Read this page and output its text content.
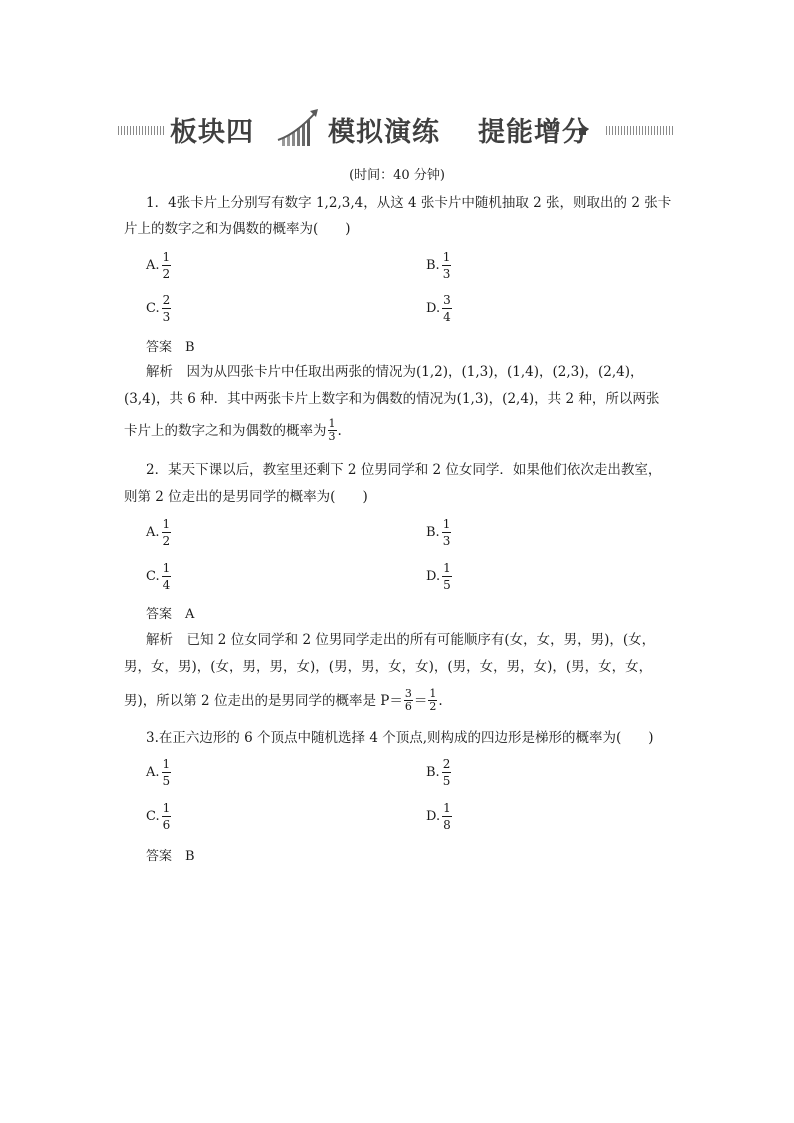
板块四	模拟演练 提能增分
(时间：40 分钟)
1．4张卡片上分别写有数字 1,2,3,4，从这 4 张卡片中随机抽取 2 张，则取出的 2 张卡
片上的数字之和为偶数的概率为(　　)
A. $\frac{1}{2}$	B. $\frac{1}{3}$
C. $\frac{2}{3}$	D. $\frac{3}{4}$
答案　B
解析　因为从四张卡片中任取出两张的情况为(1,2)，(1,3)，(1,4)，(2,3)，(2,4)，
(3,4)，共 6 种．其中两张卡片上数字和为偶数的情况为(1,3)，(2,4)，共 2 种，所以两张
卡片上的数字之和为偶数的概率为 $\frac{1}{3}$ .
2．某天下课以后，教室里还剩下 2 位男同学和 2 位女同学．如果他们依次走出教室，
则第 2 位走出的是男同学的概率为(　　)
A. $\frac{1}{2}$	B. $\frac{1}{3}$
C. $\frac{1}{4}$	D. $\frac{1}{5}$
答案　A
解析　已知 2 位女同学和 2 位男同学走出的所有可能顺序有(女，女，男，男)，(女，
男，女，男)，(女，男，男，女)，(男，男，女，女)，(男，女，男，女)，(男，女，女，
男)，所以第 2 位走出的是男同学的概率是 $P= \frac{3}{6} = \frac{1}{2}$ .
3.在正六边形的 6 个顶点中随机选择 4 个顶点,则构成的四边形是梯形的概率为(　　)
A. $\frac{1}{5}$	B. $\frac{2}{5}$
C. $\frac{1}{6}$	D. $\frac{1}{8}$
答案　B
